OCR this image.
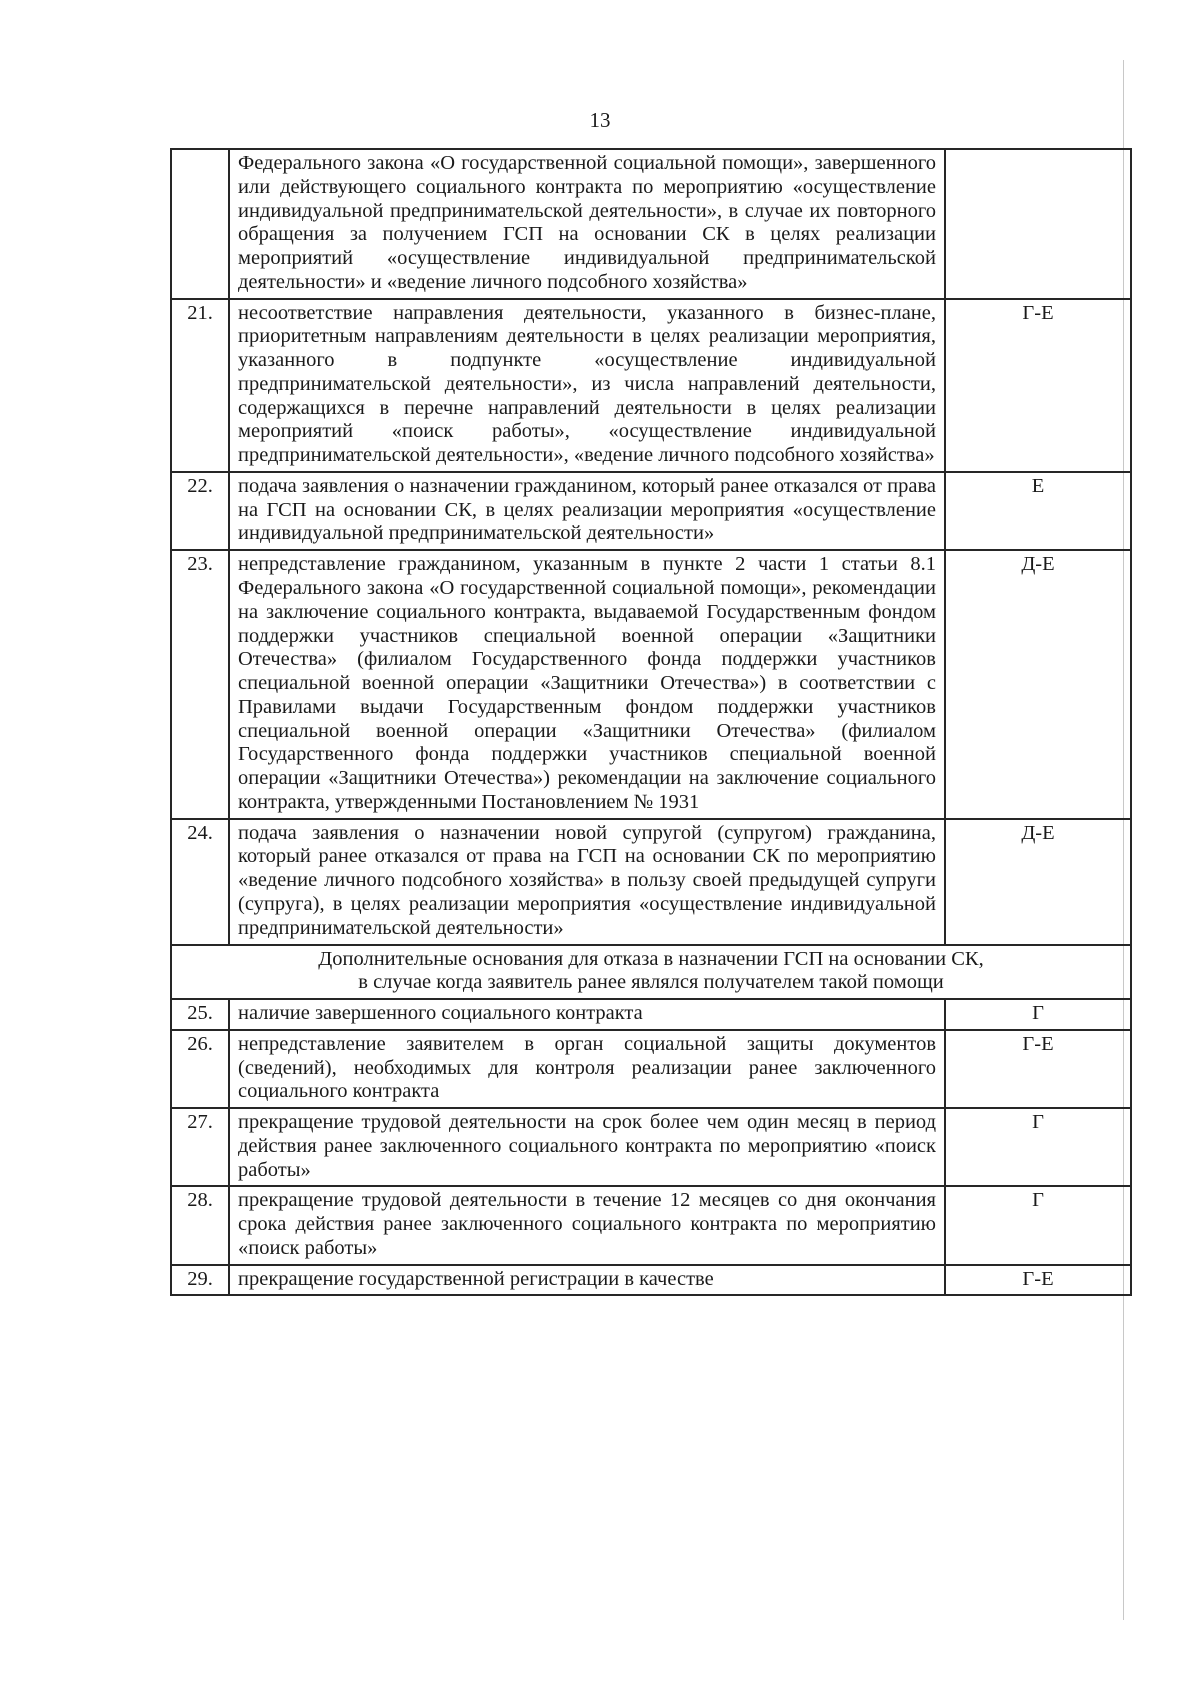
13
	Федерального закона «О государственной социальной помощи», завершенного или действующего социального контракта по мероприятию «осуществление индивидуальной предпринимательской деятельности», в случае их повторного обращения за получением ГСП на основании СК в целях реализации мероприятий «осуществление индивидуальной предпринимательской деятельности» и «ведение личного подсобного хозяйства»	
21.	несоответствие направления деятельности, указанного в бизнес-плане, приоритетным направлениям деятельности в целях реализации мероприятия, указанного в подпункте «осуществление индивидуальной предпринимательской деятельности», из числа направлений деятельности, содержащихся в перечне направлений деятельности в целях реализации мероприятий «поиск работы», «осуществление индивидуальной предпринимательской деятельности», «ведение личного подсобного хозяйства»	Г-Е
22.	подача заявления о назначении гражданином, который ранее отказался от права на ГСП на основании СК, в целях реализации мероприятия «осуществление индивидуальной предпринимательской деятельности»	Е
23.	непредставление гражданином, указанным в пункте 2 части 1 статьи 8.1 Федерального закона «О государственной социальной помощи», рекомендации на заключение социального контракта, выдаваемой Государственным фондом поддержки участников специальной военной операции «Защитники Отечества» (филиалом Государственного фонда поддержки участников специальной военной операции «Защитники Отечества») в соответствии с Правилами выдачи Государственным фондом поддержки участников специальной военной операции «Защитники Отечества» (филиалом Государственного фонда поддержки участников специальной военной операции «Защитники Отечества») рекомендации на заключение социального контракта, утвержденными Постановлением № 1931	Д-Е
24.	подача заявления о назначении новой супругой (супругом) гражданина, который ранее отказался от права на ГСП на основании СК по мероприятию «ведение личного подсобного хозяйства» в пользу своей предыдущей супруги (супруга), в целях реализации мероприятия «осуществление индивидуальной предпринимательской деятельности»	Д-Е

Дополнительные основания для отказа в назначении ГСП на основании СК,
в случае когда заявитель ранее являлся получателем такой помощи		

25.	наличие завершенного социального контракта	Г
26.	непредставление заявителем в орган социальной защиты документов (сведений), необходимых для контроля реализации ранее заключенного социального контракта	Г-Е
27.	прекращение трудовой деятельности на срок более чем один месяц в период действия ранее заключенного социального контракта по мероприятию «поиск работы»	Г
28.	прекращение трудовой деятельности в течение 12 месяцев со дня окончания срока действия ранее заключенного социального контракта по мероприятию «поиск работы»	Г
29.	прекращение государственной регистрации в качестве	Г-Е
